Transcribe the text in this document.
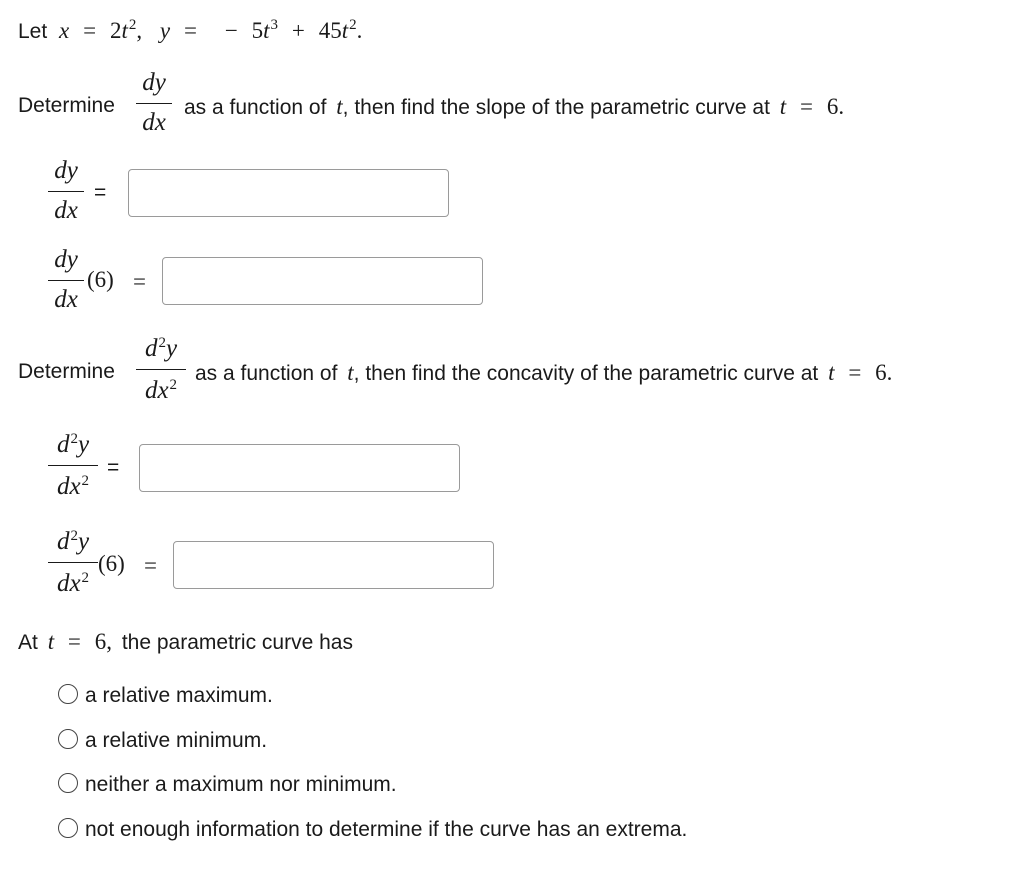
Let $x = 2t^2$, y = − $5t^3 + 45t^2$.
Determine
dy
dx
as a function of t, then find the slope of the parametric curve at t = 6.
dy
dx
=
dy
dx
(6) =
Determine
$d^2y$
$dx^2$ as a function of t, then find the concavity of the parametric curve at t = 6.
$d^2y$
$dx^2$
=
$d^2y$
$dx^2$
(6) =
At t = 6, the parametric curve has
a relative maximum.
a relative minimum.
neither a maximum nor minimum.
not enough information to determine if the curve has an extrema.
